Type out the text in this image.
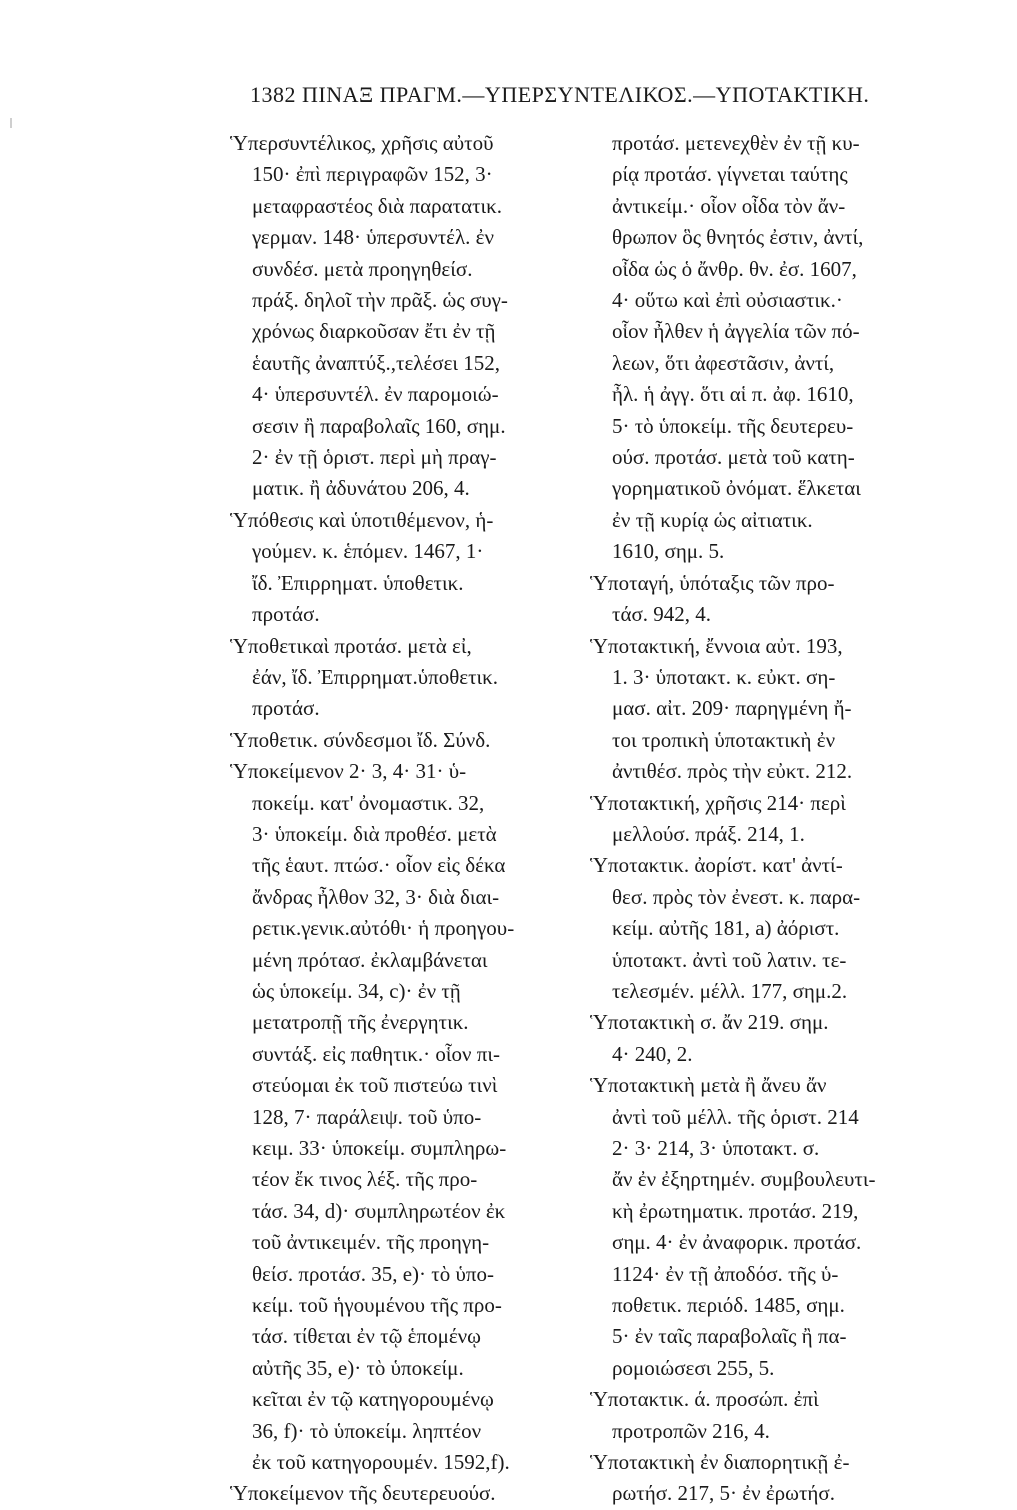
1382 ΠΙΝΑΞ ΠΡΑΓΜ.—ΥΠΕΡΣΥΝΤΕΛΙΚΟΣ.—ΥΠΟΤΑΚΤΙΚΗ.
Ὑπερσυντέλικος, χρῆσις αὐτοῦ
150· ἐπὶ περιγραφῶν 152, 3·
μεταφραστέος διὰ παρατατικ.
γερμαν. 148· ὑπερσυντέλ. ἐν
συνδέσ. μετὰ προηγηθείσ.
πράξ. δηλοῖ τὴν πρᾶξ. ὡς συγ-
χρόνως διαρκοῦσαν ἔτι ἐν τῇ
ἑαυτῆς ἀναπτύξ.,τελέσει 152,
4· ὑπερσυντέλ. ἐν παρομοιώ-
σεσιν ἢ παραβολαῖς 160, σημ.
2· ἐν τῇ ὁριστ. περὶ μὴ πραγ-
ματικ. ἢ ἀδυνάτου 206, 4.
Ὑπόθεσις καὶ ὑποτιθέμενον, ἡ-
γούμεν. κ. ἑπόμεν. 1467, 1·
ἴδ. Ἐπιρρηματ. ὑποθετικ.
προτάσ.
Ὑποθετικαὶ προτάσ. μετὰ εἰ,
ἐάν, ἴδ. Ἐπιρρηματ.ὑποθετικ.
προτάσ.
Ὑποθετικ. σύνδεσμοι ἴδ. Σύνδ.
Ὑποκείμενον 2· 3, 4· 31· ὑ-
ποκείμ. κατ' ὀνομαστικ. 32,
3· ὑποκείμ. διὰ προθέσ. μετὰ
τῆς ἑαυτ. πτώσ.· οἷον εἰς δέκα
ἄνδρας ἦλθον 32, 3· διὰ διαι-
ρετικ.γενικ.αὐτόθι· ἡ προηγου-
μένη πρότασ. ἐκλαμβάνεται
ὡς ὑποκείμ. 34, c)· ἐν τῇ
μετατροπῇ τῆς ἐνεργητικ.
συντάξ. εἰς παθητικ.· οἷον πι-
στεύομαι ἐκ τοῦ πιστεύω τινὶ
128, 7· παράλειψ. τοῦ ὑπο-
κειμ. 33· ὑποκείμ. συμπληρω-
τέον ἔκ τινος λέξ. τῆς προ-
τάσ. 34, d)· συμπληρωτέον ἐκ
τοῦ ἀντικειμέν. τῆς προηγη-
θείσ. προτάσ. 35, e)· τὸ ὑπο-
κείμ. τοῦ ἡγουμένου τῆς προ-
τάσ. τίθεται ἐν τῷ ἑπομένῳ
αὐτῆς 35, e)· τὸ ὑποκείμ.
κεῖται ἐν τῷ κατηγορουμένῳ
36, f)· τὸ ὑποκείμ. ληπτέον
ἐκ τοῦ κατηγορουμέν. 1592,f).
Ὑποκείμενον τῆς δευτερευούσ.
προτάσ. μετενεχθὲν ἐν τῇ κυ-
ρίᾳ προτάσ. γίγνεται ταύτης
ἀντικείμ.· οἷον οἶδα τὸν ἄν-
θρωπον ὃς θνητός ἐστιν, ἀντί,
οἶδα ὡς ὁ ἄνθρ. θν. ἐσ. 1607,
4· οὕτω καὶ ἐπὶ οὐσιαστικ.·
οἷον ἦλθεν ἡ ἀγγελία τῶν πό-
λεων, ὅτι ἀφεστᾶσιν, ἀντί,
ἦλ. ἡ ἀγγ. ὅτι αἱ π. ἀφ. 1610,
5· τὸ ὑποκείμ. τῆς δευτερευ-
ούσ. προτάσ. μετὰ τοῦ κατη-
γορηματικοῦ ὀνόματ. ἕλκεται
ἐν τῇ κυρίᾳ ὡς αἰτιατικ.
1610, σημ. 5.
Ὑποταγή, ὑπόταξις τῶν προ-
τάσ. 942, 4.
Ὑποτακτική, ἔννοια αὐτ. 193,
1. 3· ὑποτακτ. κ. εὐκτ. ση-
μασ. αἰτ. 209· παρηγμένη ἤ-
τοι τροπικὴ ὑποτακτικὴ ἐν
ἀντιθέσ. πρὸς τὴν εὐκτ. 212.
Ὑποτακτική, χρῆσις 214· περὶ
μελλούσ. πράξ. 214, 1.
Ὑποτακτικ. ἀορίστ. κατ' ἀντί-
θεσ. πρὸς τὸν ἐνεστ. κ. παρα-
κείμ. αὐτῆς 181, a) ἀόριστ.
ὑποτακτ. ἀντὶ τοῦ λατιν. τε-
τελεσμέν. μέλλ. 177, σημ.2.
Ὑποτακτικὴ σ. ἄν 219. σημ.
4· 240, 2.
Ὑποτακτικὴ μετὰ ἢ ἄνευ ἄν
ἀντὶ τοῦ μέλλ. τῆς ὁριστ. 214
2· 3· 214, 3· ὑποτακτ. σ.
ἄν ἐν ἐξηρτημέν. συμβουλευτι-
κὴ ἐρωτηματικ. προτάσ. 219,
σημ. 4· ἐν ἀναφορικ. προτάσ.
1124· ἐν τῇ ἀποδόσ. τῆς ὑ-
ποθετικ. περιόδ. 1485, σημ.
5· ἐν ταῖς παραβολαῖς ἢ πα-
ρομοιώσεσι 255, 5.
Ὑποτακτικ. ά. προσώπ. ἐπὶ
προτροπῶν 216, 4.
Ὑποτακτικὴ ἐν διαπορητικῇ ἐ-
ρωτήσ. 217, 5· ἐν ἐρωτήσ.
